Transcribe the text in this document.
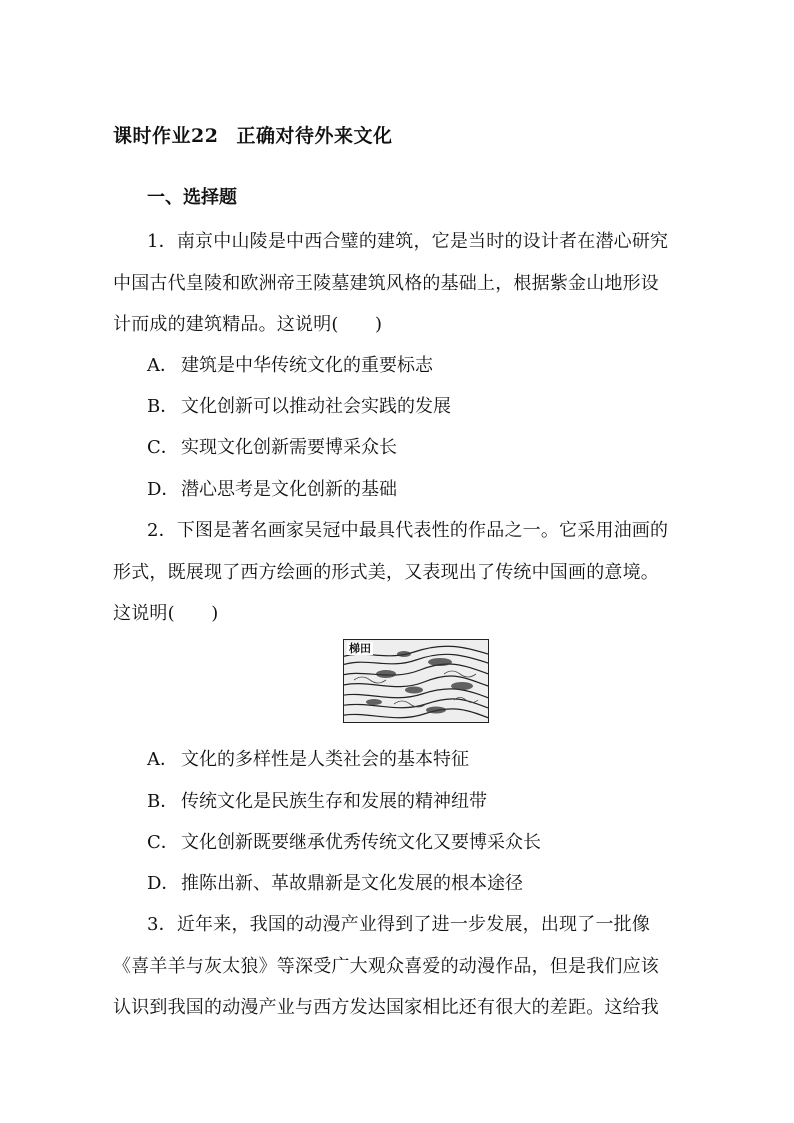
课时作业22 正确对待外来文化
一、选择题
1．南京中山陵是中西合璧的建筑，它是当时的设计者在潜心研究
中国古代皇陵和欧洲帝王陵墓建筑风格的基础上，根据紫金山地形设
计而成的建筑精品。这说明(　　)
A． 建筑是中华传统文化的重要标志
B． 文化创新可以推动社会实践的发展
C． 实现文化创新需要博采众长
D．潜心思考是文化创新的基础
2．下图是著名画家吴冠中最具代表性的作品之一。它采用油画的
形式，既展现了西方绘画的形式美，又表现出了传统中国画的意境。
这说明(　　)
梯田
A． 文化的多样性是人类社会的基本特征
B． 传统文化是民族生存和发展的精神纽带
C． 文化创新既要继承优秀传统文化又要博采众长
D．推陈出新、革故鼎新是文化发展的根本途径
3．近年来，我国的动漫产业得到了进一步发展，出现了一批像
《喜羊羊与灰太狼》等深受广大观众喜爱的动漫作品，但是我们应该
认识到我国的动漫产业与西方发达国家相比还有很大的差距。这给我
